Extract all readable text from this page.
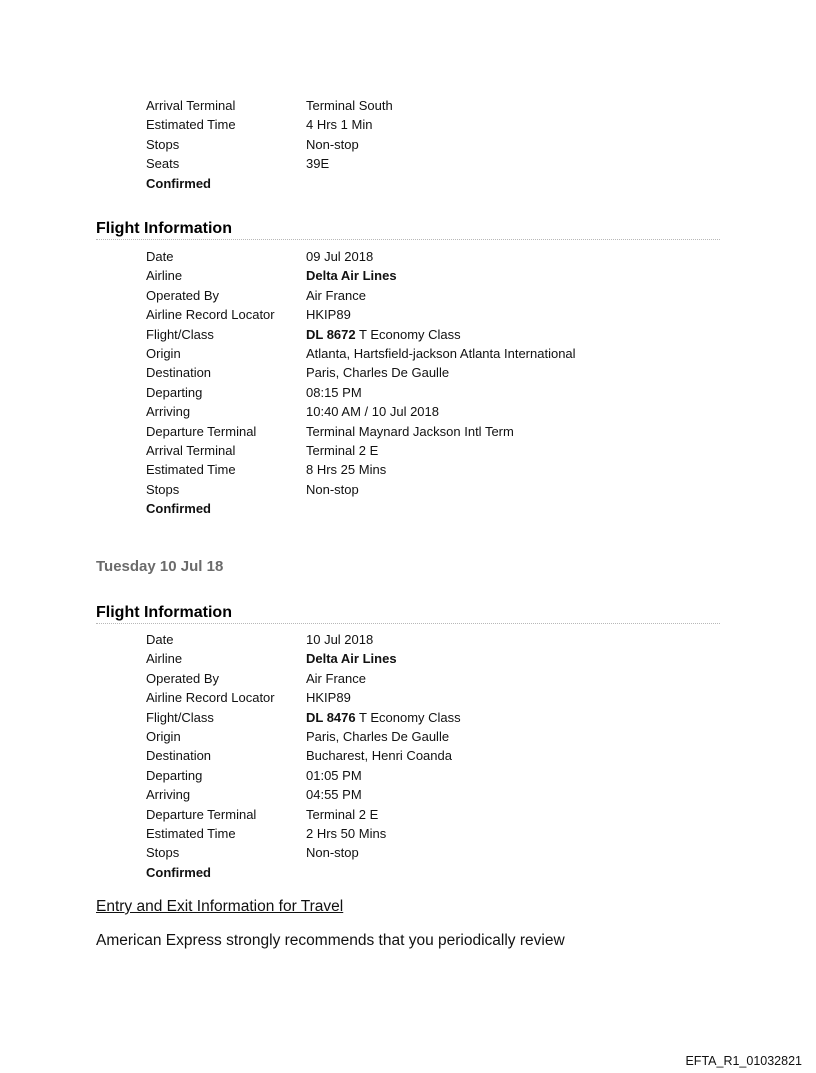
Arrival Terminal	Terminal South
Estimated Time	4 Hrs 1 Min
Stops	Non-stop
Seats	39E
Confirmed
Flight Information
Date	09 Jul 2018
Airline	Delta Air Lines
Operated By	Air France
Airline Record Locator	HKIP89
Flight/Class	DL 8672 T Economy Class
Origin	Atlanta, Hartsfield-jackson Atlanta International
Destination	Paris, Charles De Gaulle
Departing	08:15 PM
Arriving	10:40 AM / 10 Jul 2018
Departure Terminal	Terminal Maynard Jackson Intl Term
Arrival Terminal	Terminal 2 E
Estimated Time	8 Hrs 25 Mins
Stops	Non-stop
Confirmed
Tuesday 10 Jul 18
Flight Information
Date	10 Jul 2018
Airline	Delta Air Lines
Operated By	Air France
Airline Record Locator	HKIP89
Flight/Class	DL 8476 T Economy Class
Origin	Paris, Charles De Gaulle
Destination	Bucharest, Henri Coanda
Departing	01:05 PM
Arriving	04:55 PM
Departure Terminal	Terminal 2 E
Estimated Time	2 Hrs 50 Mins
Stops	Non-stop
Confirmed
Entry and Exit Information for Travel
American Express strongly recommends that you periodically review
EFTA_R1_01032821
